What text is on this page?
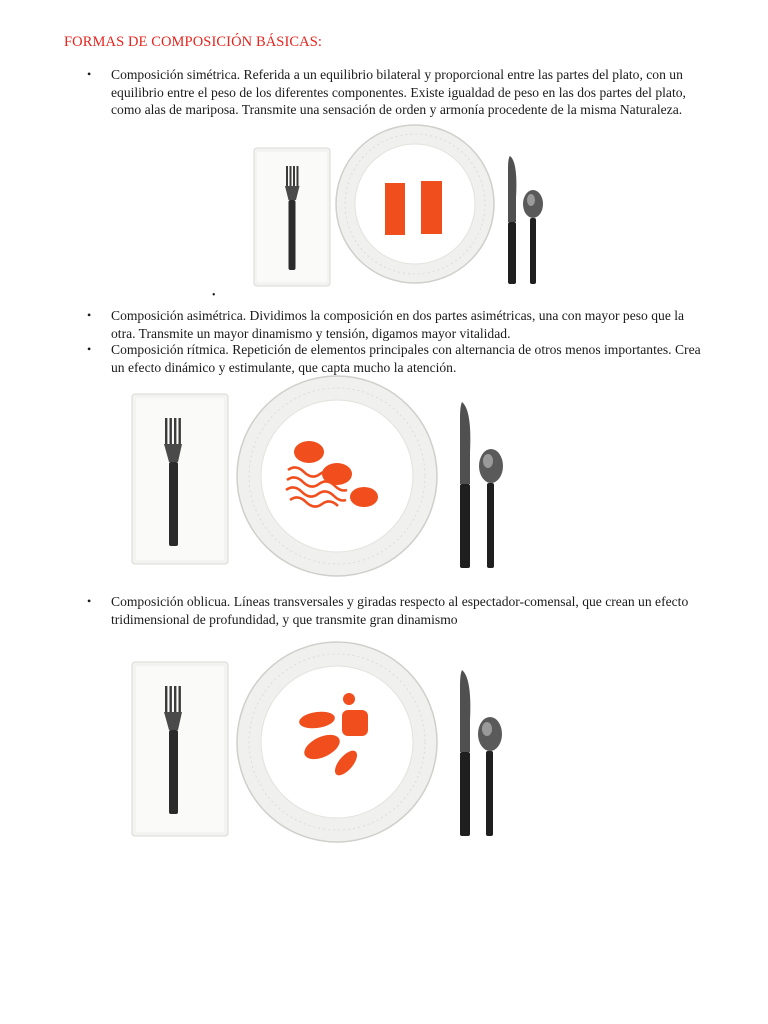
FORMAS DE COMPOSICIÓN BÁSICAS:
• Composición simétrica. Referida a un equilibrio bilateral y proporcional entre las partes del plato, con un equilibrio entre el peso de los diferentes componentes. Existe igualdad de peso en las dos partes del plato, como alas de mariposa. Transmite una sensación de orden y armonía procedente de la misma Naturaleza.
•
• Composición asimétrica. Dividimos la composición en dos partes asimétricas, una con mayor peso que la otra. Transmite un mayor dinamismo y tensión, digamos mayor vitalidad.
• Composición rítmica. Repetición de elementos principales con alternancia de otros menos importantes. Crea un efecto dinámico y estimulante, que capta mucho la atención.
• Composición oblicua. Líneas transversales y giradas respecto al espectador-comensal, que crean un efecto tridimensional de profundidad, y que transmite gran dinamismo
